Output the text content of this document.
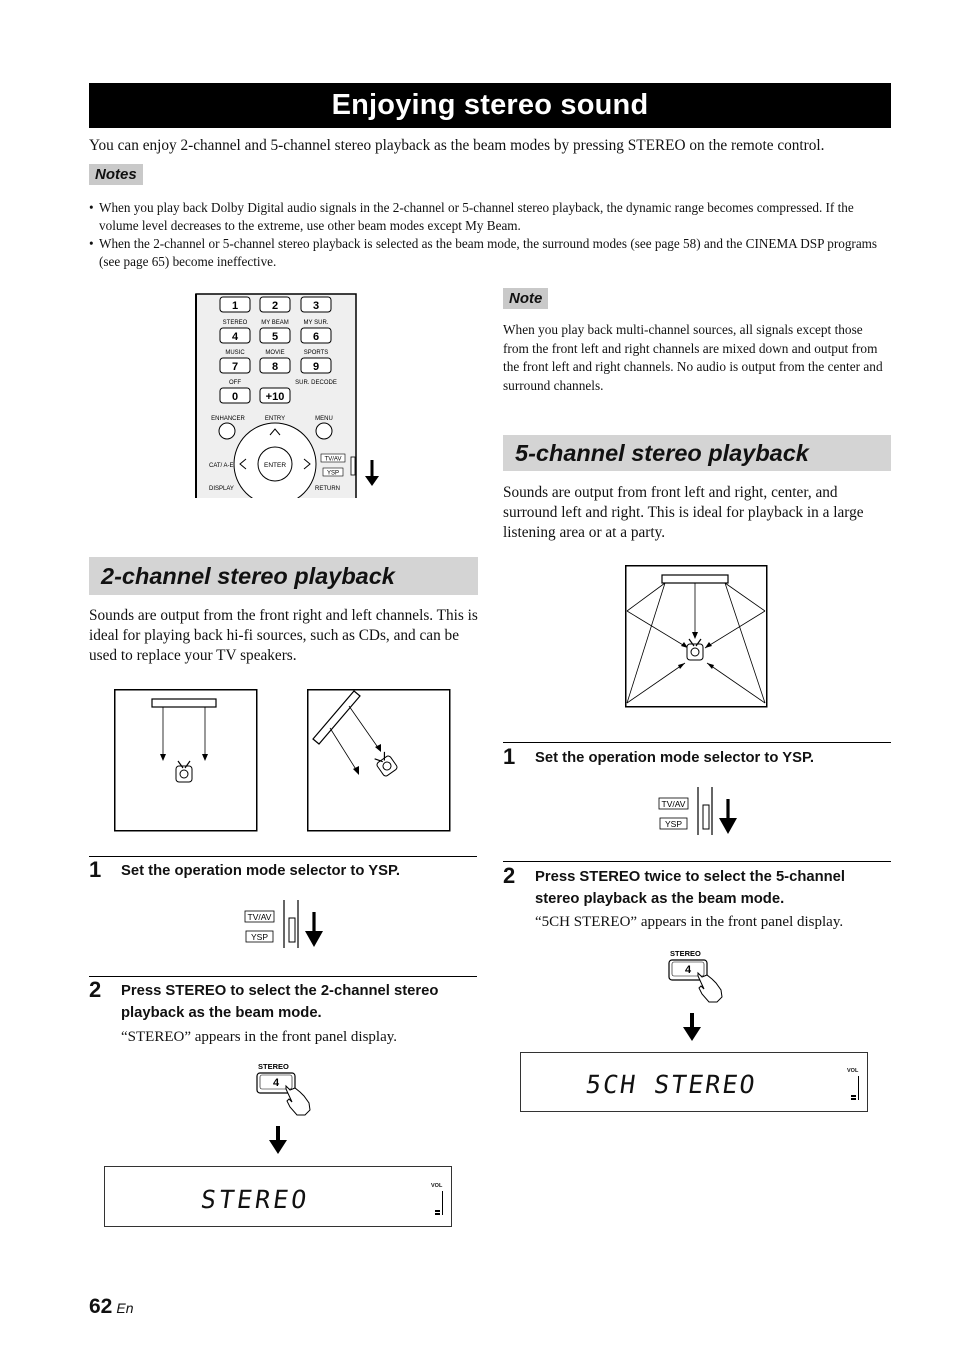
Enjoying stereo sound
You can enjoy 2-channel and 5-channel stereo playback as the beam modes by pressing STEREO on the remote control.
Notes
• When you play back Dolby Digital audio signals in the 2-channel or 5-channel stereo playback, the dynamic range becomes compressed. If the volume level decreases to the extreme, use other beam modes except My Beam.
• When the 2-channel or 5-channel stereo playback is selected as the beam mode, the surround modes (see page 58) and the CINEMA DSP programs (see page 65) become ineffective.
1	2	3
STEREO MY BEAM MY SUR.
4	5	6
MUSIC	MOVIE	SPORTS
7	8	9
OFF	SUR. DECODE
0	+10
ENHANCER	ENTRY	MENU
ENTER
CAT/ A-E
DISPLAY	RETURN
TV/AV
YSP
Note
When you play back multi-channel sources, all signals except those from the front left and right channels are mixed down and output from the front left and right channels. No audio is output from the center and surround channels.
5-channel stereo playback
Sounds are output from front left and right, center, and surround left and right. This is ideal for playback in a large listening area or at a party.
1 Set the operation mode selector to YSP.
TV/AV
YSP
2 Press STEREO twice to select the 5-channel stereo playback as the beam mode.
“5CH STEREO” appears in the front panel display.
STEREO
4
5CH STEREO	VOL
2-channel stereo playback
Sounds are output from the front right and left channels. This is ideal for playing back hi-fi sources, such as CDs, and can be used to replace your TV speakers.
1 Set the operation mode selector to YSP.
TV/AV
YSP
2 Press STEREO to select the 2-channel stereo playback as the beam mode.
“STEREO” appears in the front panel display.
STEREO
4
STEREO	VOL
62 En
